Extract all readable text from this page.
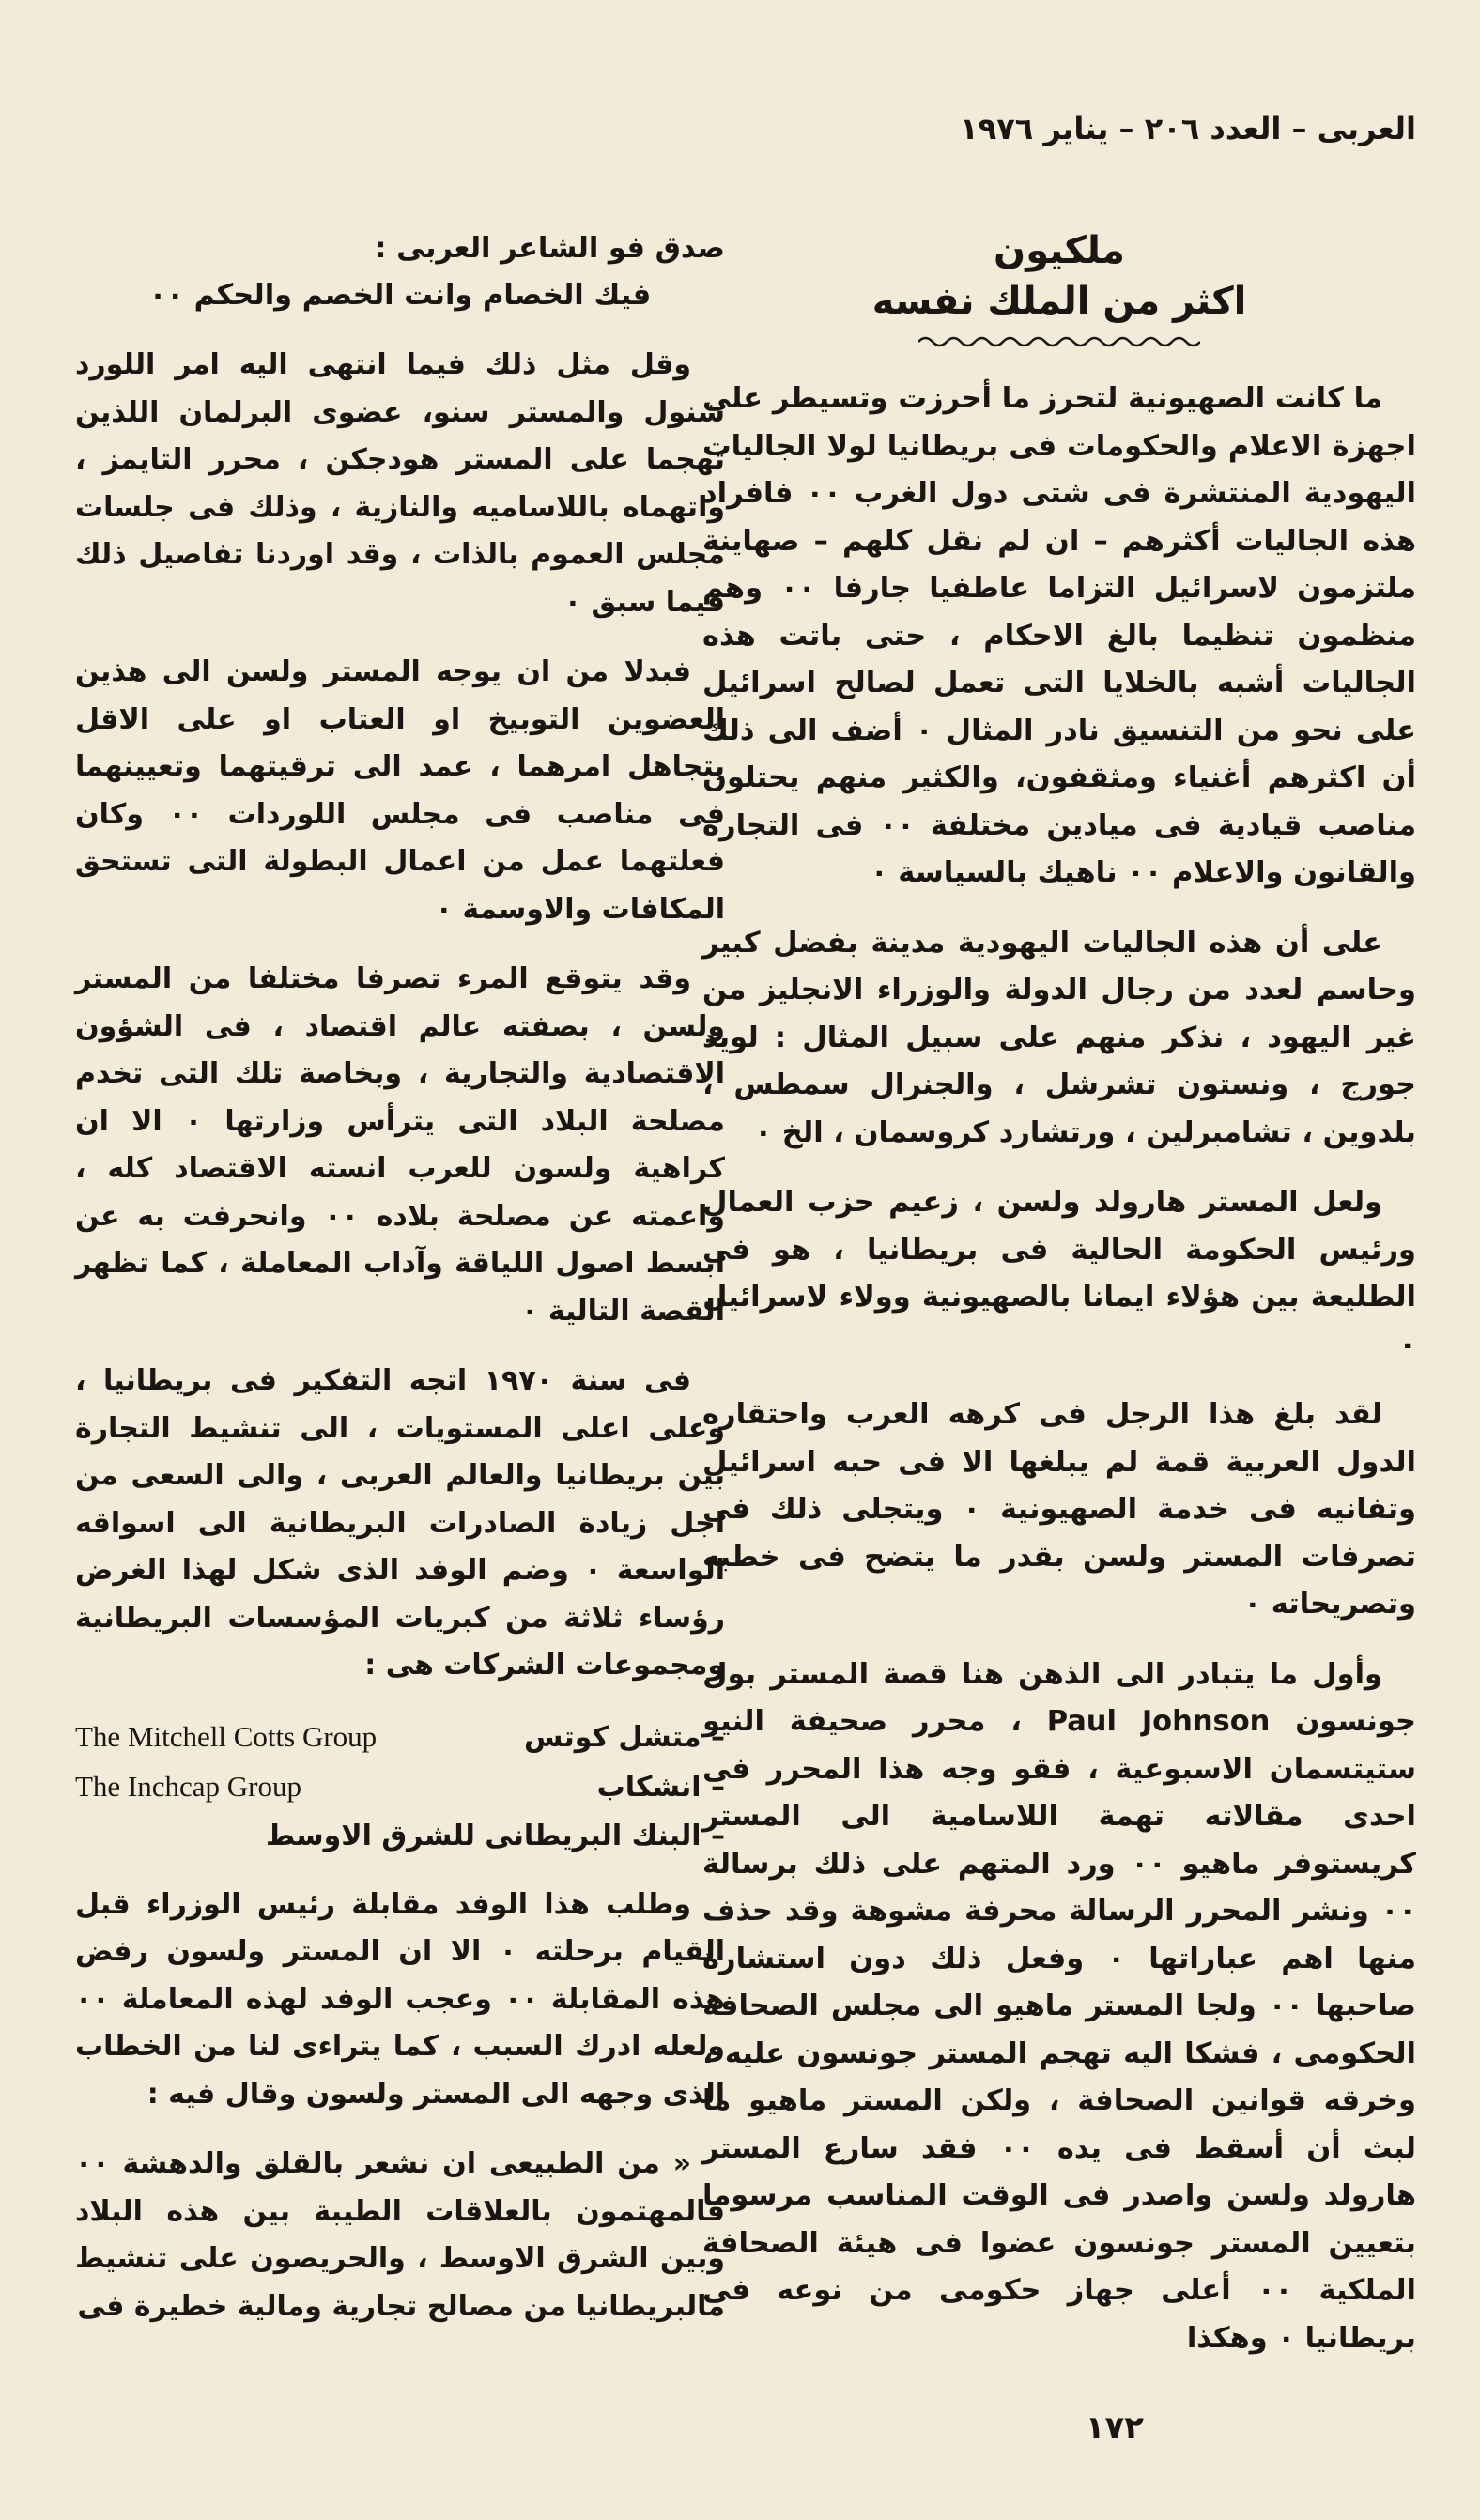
العربى – العدد ٢٠٦ – يناير ١٩٧٦
ملكيون
اكثر من الملك نفسه

ما كانت الصهيونية لتحرز ما أحرزت وتسيطر على اجهزة الاعلام والحكومات فى بريطانيا لولا الجاليات اليهودية المنتشرة فى شتى دول الغرب ٠٠ فافراد هذه الجاليات أكثرهم – ان لم نقل كلهم – صهاينة ملتزمون لاسرائيل التزاما عاطفيا جارفا ٠٠ وهم منظمون تنظيما بالغ الاحكام ، حتى باتت هذه الجاليات أشبه بالخلايا التى تعمل لصالح اسرائيل على نحو من التنسيق نادر المثال ٠ أضف الى ذلك أن اكثرهم أغنياء ومثقفون، والكثير منهم يحتلون مناصب قيادية فى ميادين مختلفة ٠٠ فى التجارة والقانون والاعلام ٠٠ ناهيك بالسياسة ٠

على أن هذه الجاليات اليهودية مدينة بفضل كبير وحاسم لعدد من رجال الدولة والوزراء الانجليز من غير اليهود ، نذكر منهم على سبيل المثال : لويد جورج ، ونستون تشرشل ، والجنرال سمطس ، بلدوين ، تشامبرلين ، ورتشارد كروسمان ، الخ ٠

ولعل المستر هارولد ولسن ، زعيم حزب العمال ورئيس الحكومة الحالية فى بريطانيا ، هو فى الطليعة بين هؤلاء ايمانا بالصهيونية وولاء لاسرائيل ٠

لقد بلغ هذا الرجل فى كرهه العرب واحتقاره الدول العربية قمة لم يبلغها الا فى حبه اسرائيل وتفانيه فى خدمة الصهيونية ٠ ويتجلى ذلك فى تصرفات المستر ولسن بقدر ما يتضح فى خطبه وتصريحاته ٠

وأول ما يتبادر الى الذهن هنا قصة المستر بول جونسون Paul Johnson ، محرر صحيفة النيو ستيتسمان الاسبوعية ، فقو وجه هذا المحرر فى احدى مقالاته تهمة اللاسامية الى المستر كريستوفر ماهيو ٠٠ ورد المتهم على ذلك برسالة ٠٠ ونشر المحرر الرسالة محرفة مشوهة وقد حذف منها اهم عباراتها ٠ وفعل ذلك دون استشارة صاحبها ٠٠ ولجا المستر ماهيو الى مجلس الصحافة الحكومى ، فشكا اليه تهجم المستر جونسون عليه ، وخرقه قوانين الصحافة ، ولكن المستر ماهيو ما لبث أن أسقط فى يده ٠٠ فقد سارع المستر هارولد ولسن واصدر فى الوقت المناسب مرسوما بتعيين المستر جونسون عضوا فى هيئة الصحافة الملكية ٠٠ أعلى جهاز حكومى من نوعه فى بريطانيا ٠ وهكذا

صدق فو الشاعر العربى :

فيك الخصام وانت الخصم والحكم ٠٠

وقل مثل ذلك فيما انتهى اليه امر اللورد شنول والمستر سنو، عضوى البرلمان اللذين تهجما على المستر هودجكن ، محرر التايمز ، واتهماه باللاساميه والنازية ، وذلك فى جلسات مجلس العموم بالذات ، وقد اوردنا تفاصيل ذلك فيما سبق ٠

فبدلا من ان يوجه المستر ولسن الى هذين العضوين التوبيخ او العتاب او على الاقل يتجاهل امرهما ، عمد الى ترقيتهما وتعيينهما فى مناصب فى مجلس اللوردات ٠٠ وكان فعلتهما عمل من اعمال البطولة التى تستحق المكافات والاوسمة ٠

وقد يتوقع المرء تصرفا مختلفا من المستر ولسن ، بصفته عالم اقتصاد ، فى الشؤون الاقتصادية والتجارية ، وبخاصة تلك التى تخدم مصلحة البلاد التى يترأس وزارتها ٠ الا ان كراهية ولسون للعرب انسته الاقتصاد كله ، واعمته عن مصلحة بلاده ٠٠ وانحرفت به عن ابسط اصول اللياقة وآداب المعاملة ، كما تظهر القصة التالية ٠

فى سنة ١٩٧٠ اتجه التفكير فى بريطانيا ، وعلى اعلى المستويات ، الى تنشيط التجارة بين بريطانيا والعالم العربى ، والى السعى من اجل زيادة الصادرات البريطانية الى اسواقه الواسعة ٠ وضم الوفد الذى شكل لهذا الغرض رؤساء ثلاثة من كبريات المؤسسات البريطانية ومجموعات الشركات هى :

– متشل كوتس
The Mitchell Cotts Group
– انشكاب
The Inchcap Group
– البنك البريطانى للشرق الاوسط

وطلب هذا الوفد مقابلة رئيس الوزراء قبل القيام برحلته ٠ الا ان المستر ولسون رفض هذه المقابلة ٠٠ وعجب الوفد لهذه المعاملة ٠٠ ولعله ادرك السبب ، كما يتراءى لنا من الخطاب الذى وجهه الى المستر ولسون وقال فيه :

« من الطبيعى ان نشعر بالقلق والدهشة ٠٠ فالمهتمون بالعلاقات الطيبة بين هذه البلاد وبين الشرق الاوسط ، والحريصون على تنشيط مالبريطانيا من مصالح تجارية ومالية خطيرة فى

١٧٢
